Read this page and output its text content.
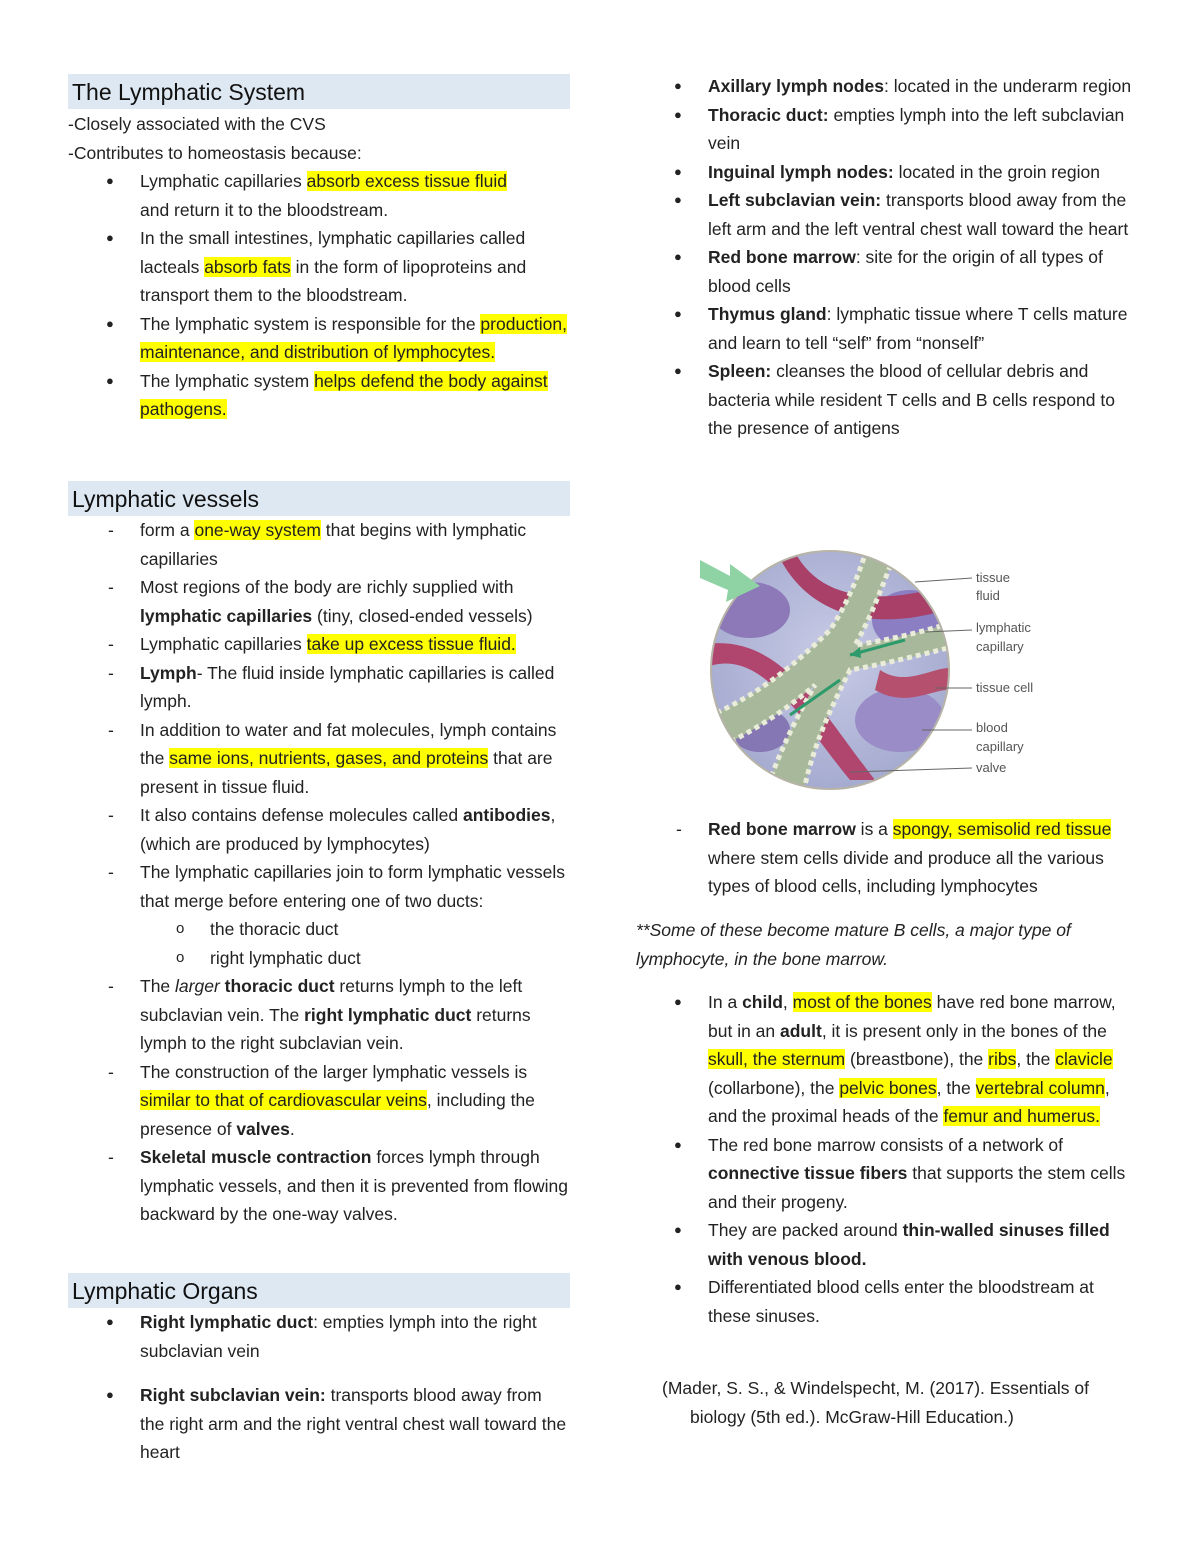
The Lymphatic System
-Closely associated with the CVS
-Contributes to homeostasis because:
● Lymphatic capillaries absorb excess tissue fluid
and return it to the bloodstream.
● In the small intestines, lymphatic capillaries called lacteals absorb fats in the form of lipoproteins and transport them to the bloodstream.
● The lymphatic system is responsible for the production, maintenance, and distribution of lymphocytes.
● The lymphatic system helps defend the body against pathogens.
Lymphatic vessels
- form a one-way system that begins with lymphatic capillaries
- Most regions of the body are richly supplied with lymphatic capillaries (tiny, closed-ended vessels)
- Lymphatic capillaries take up excess tissue fluid.
- Lymph- The fluid inside lymphatic capillaries is called lymph.
- In addition to water and fat molecules, lymph contains the same ions, nutrients, gases, and proteins that are present in tissue fluid.
- It also contains defense molecules called antibodies, (which are produced by lymphocytes)
- The lymphatic capillaries join to form lymphatic vessels that merge before entering one of two ducts:
o the thoracic duct
o right lymphatic duct
- The larger thoracic duct returns lymph to the left subclavian vein. The right lymphatic duct returns lymph to the right subclavian vein.
- The construction of the larger lymphatic vessels is similar to that of cardiovascular veins, including the presence of valves.
- Skeletal muscle contraction forces lymph through lymphatic vessels, and then it is prevented from flowing backward by the one-way valves.
Lymphatic Organs
● Right lymphatic duct: empties lymph into the right subclavian vein
● Right subclavian vein: transports blood away from the right arm and the right ventral chest wall toward the heart
● Axillary lymph nodes: located in the underarm region
● Thoracic duct: empties lymph into the left subclavian vein
● Inguinal lymph nodes: located in the groin region
● Left subclavian vein: transports blood away from the left arm and the left ventral chest wall toward the heart
● Red bone marrow: site for the origin of all types of blood cells
● Thymus gland: lymphatic tissue where T cells mature and learn to tell “self” from “nonself”
● Spleen: cleanses the blood of cellular debris and bacteria while resident T cells and B cells respond to the presence of antigens
- Red bone marrow is a spongy, semisolid red tissue where stem cells divide and produce all the various types of blood cells, including lymphocytes
**Some of these become mature B cells, a major type of lymphocyte, in the bone marrow.
● In a child, most of the bones have red bone marrow, but in an adult, it is present only in the bones of the skull, the sternum (breastbone), the ribs, the clavicle (collarbone), the pelvic bones, the vertebral column, and the proximal heads of the femur and humerus.
● The red bone marrow consists of a network of connective tissue fibers that supports the stem cells and their progeny.
● They are packed around thin-walled sinuses filled with venous blood.
● Differentiated blood cells enter the bloodstream at these sinuses.
(Mader, S. S., & Windelspecht, M. (2017). Essentials of
biology (5th ed.). McGraw-Hill Education.)
tissue
fluid
lymphatic
capillary
tissue cell
blood
capillary
valve
